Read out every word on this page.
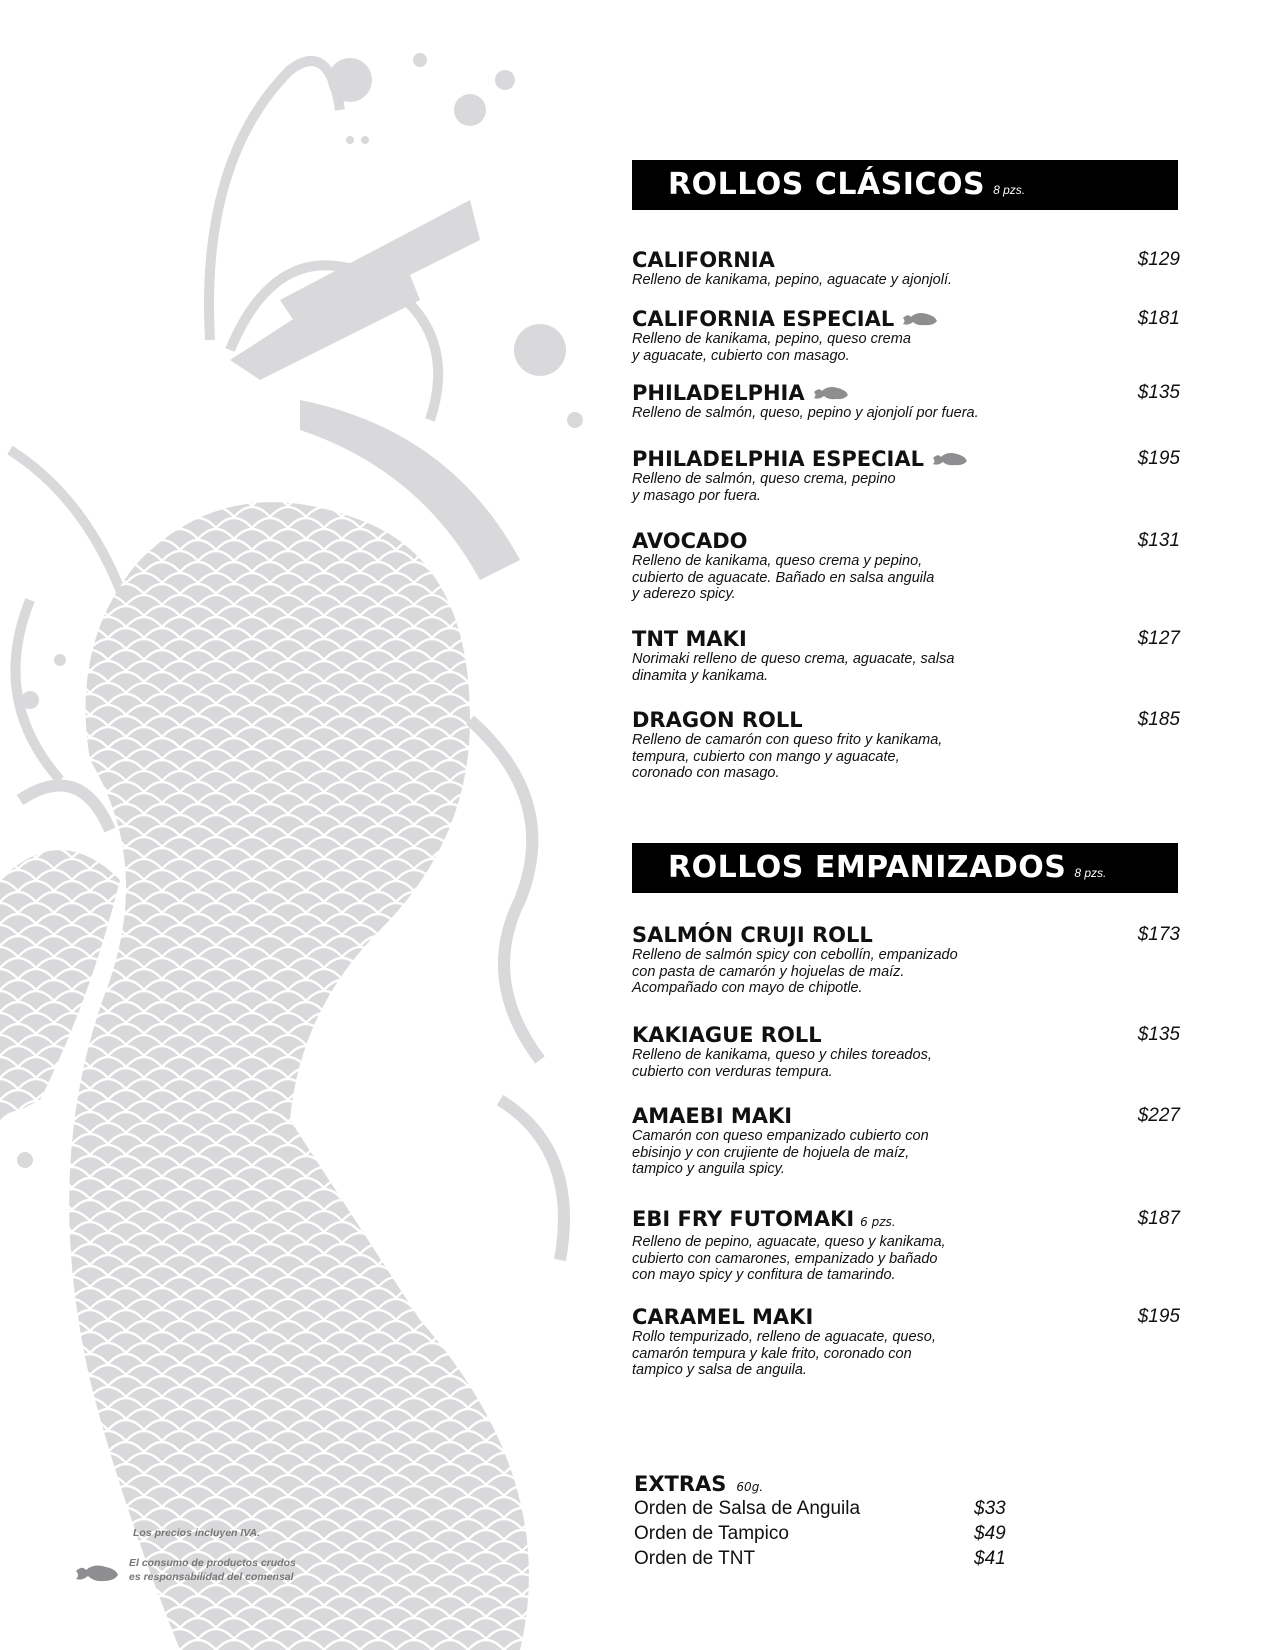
ROLLOS CLÁSICOS 8 pzs.
CALIFORNIA	$129
Relleno de kanikama, pepino, aguacate y ajonjolí.
CALIFORNIA ESPECIAL	$181
Relleno de kanikama, pepino, queso crema
y aguacate, cubierto con masago.
PHILADELPHIA	$135
Relleno de salmón, queso, pepino y ajonjolí por fuera.
PHILADELPHIA ESPECIAL	$195
Relleno de salmón, queso crema, pepino
y masago por fuera.
AVOCADO	$131
Relleno de kanikama, queso crema y pepino,
cubierto de aguacate. Bañado en salsa anguila
y aderezo spicy.
TNT MAKI	$127
Norimaki relleno de queso crema, aguacate, salsa
dinamita y kanikama.
DRAGON ROLL	$185
Relleno de camarón con queso frito y kanikama,
tempura, cubierto con mango y aguacate,
coronado con masago.
ROLLOS EMPANIZADOS 8 pzs.
SALMÓN CRUJI ROLL	$173
Relleno de salmón spicy con cebollín, empanizado
con pasta de camarón y hojuelas de maíz.
Acompañado con mayo de chipotle.
KAKIAGUE ROLL	$135
Relleno de kanikama, queso y chiles toreados,
cubierto con verduras tempura.
AMAEBI MAKI	$227
Camarón con queso empanizado cubierto con
ebisinjo y con crujiente de hojuela de maíz,
tampico y anguila spicy.
EBI FRY FUTOMAKI 6 pzs.	$187
Relleno de pepino, aguacate, queso y kanikama,
cubierto con camarones, empanizado y bañado
con mayo spicy y confitura de tamarindo.
CARAMEL MAKI	$195
Rollo tempurizado, relleno de aguacate, queso,
camarón tempura y kale frito, coronado con
tampico y salsa de anguila.
EXTRAS 60g.
Orden de Salsa de Anguila	$33
Orden de Tampico	$49
Orden de TNT	$41
Los precios incluyen IVA.
El consumo de productos crudos
es responsabilidad del comensal
